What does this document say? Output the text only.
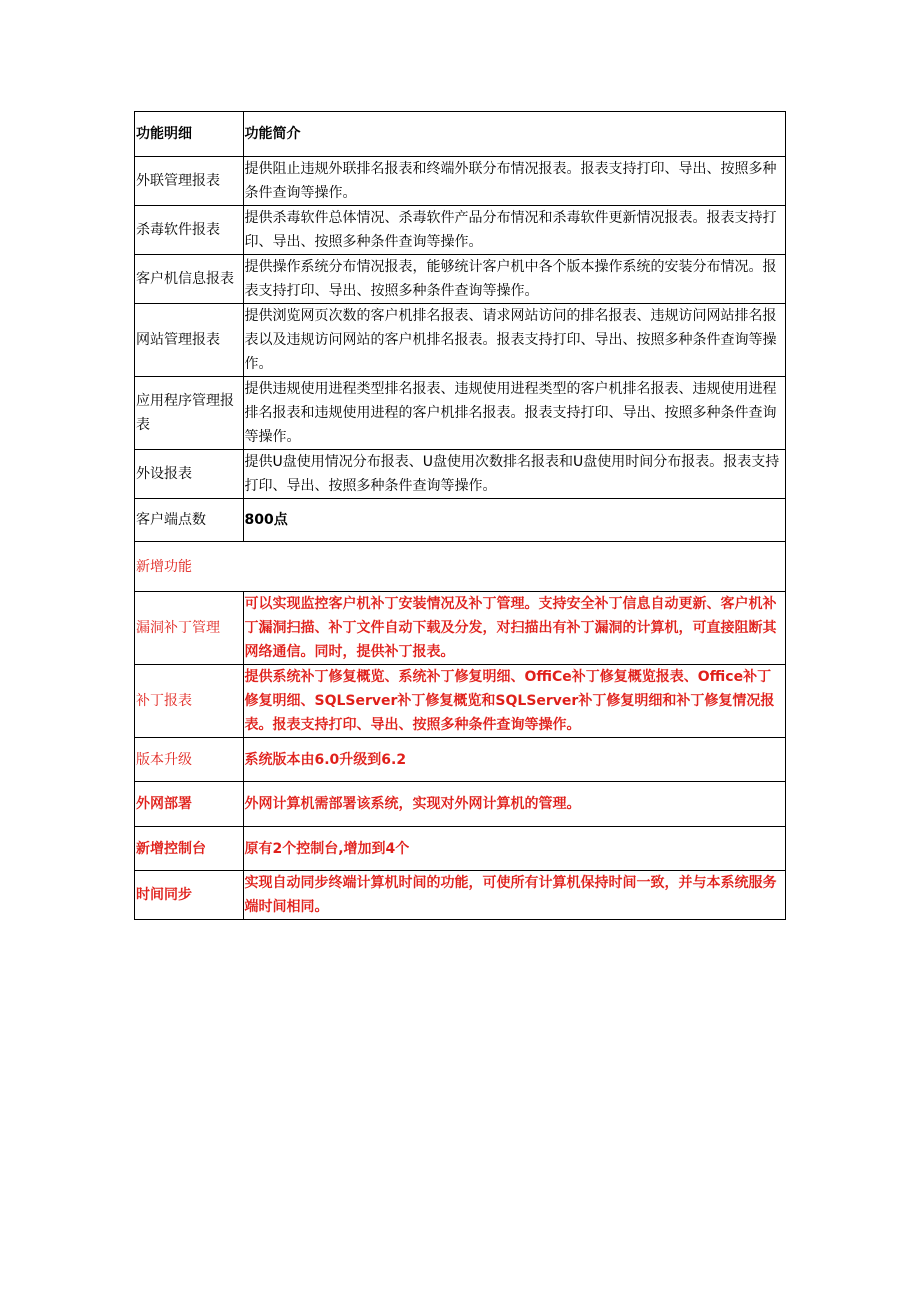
功能明细	功能简介
外联管理报表	提供阻止违规外联排名报表和终端外联分布情况报表。报表支持打印、导出、按照多种条件查询等操作。
杀毒软件报表	提供杀毒软件总体情况、杀毒软件产品分布情况和杀毒软件更新情况报表。报表支持打印、导出、按照多种条件查询等操作。
客户机信息报表	提供操作系统分布情况报表，能够统计客户机中各个版本操作系统的安装分布情况。报表支持打印、导出、按照多种条件查询等操作。
网站管理报表	提供浏览网页次数的客户机排名报表、请求网站访问的排名报表、违规访问网站排名报表以及违规访问网站的客户机排名报表。报表支持打印、导出、按照多种条件查询等操作。
应用程序管理报表	提供违规使用进程类型排名报表、违规使用进程类型的客户机排名报表、违规使用进程排名报表和违规使用进程的客户机排名报表。报表支持打印、导出、按照多种条件查询等操作。
外设报表	提供U盘使用情况分布报表、U盘使用次数排名报表和U盘使用时间分布报表。报表支持打印、导出、按照多种条件查询等操作。
客户端点数	800点
新增功能	
漏洞补丁管理	可以实现监控客户机补丁安装情况及补丁管理。支持安全补丁信息自动更新、客户机补丁漏洞扫描、补丁文件自动下载及分发，对扫描出有补丁漏洞的计算机，可直接阻断其网络通信。同时，提供补丁报表。
补丁报表	提供系统补丁修复概览、系统补丁修复明细、OffiCe补丁修复概览报表、Office补丁修复明细、SQLServer补丁修复概览和SQLServer补丁修复明细和补丁修复情况报表。报表支持打印、导出、按照多种条件查询等操作。
版本升级	系统版本由6.0升级到6.2
外网部署	外网计算机需部署该系统，实现对外网计算机的管理。
新增控制台	原有2个控制台,增加到4个
时间同步	实现自动同步终端计算机时间的功能，可使所有计算机保持时间一致，并与本系统服务端时间相同。
